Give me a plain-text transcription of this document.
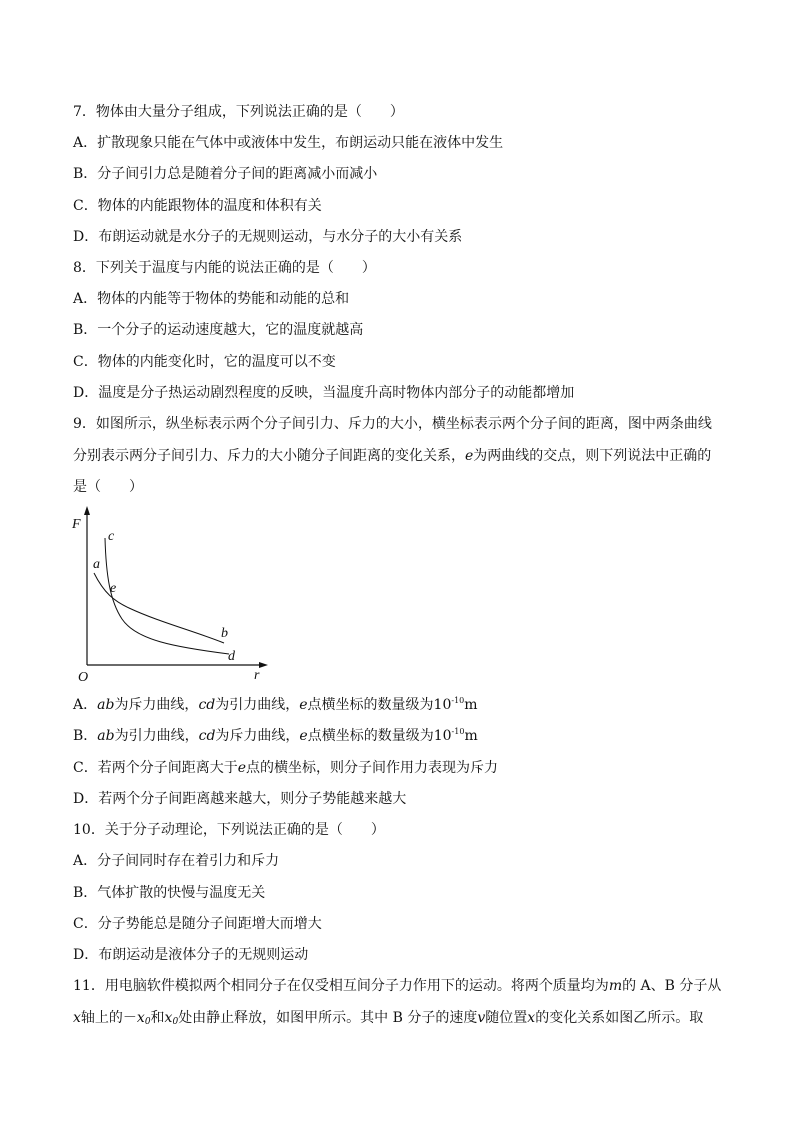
7．物体由大量分子组成，下列说法正确的是（　　）
A．扩散现象只能在气体中或液体中发生，布朗运动只能在液体中发生
B．分子间引力总是随着分子间的距离减小而减小
C．物体的内能跟物体的温度和体积有关
D．布朗运动就是水分子的无规则运动，与水分子的大小有关系
8．下列关于温度与内能的说法正确的是（　　）
A．物体的内能等于物体的势能和动能的总和
B．一个分子的运动速度越大，它的温度就越高
C．物体的内能变化时，它的温度可以不变
D．温度是分子热运动剧烈程度的反映，当温度升高时物体内部分子的动能都增加
9．如图所示，纵坐标表示两个分子间引力、斥力的大小，横坐标表示两个分子间的距离，图中两条曲线
分别表示两分子间引力、斥力的大小随分子间距离的变化关系，e为两曲线的交点，则下列说法中正确的
是（　　）
F
r
O
a
b
c
d
e
A．ab为斥力曲线，cd为引力曲线，e点横坐标的数量级为$10^{-10}m$
B．ab为引力曲线，cd为斥力曲线，e点横坐标的数量级为$10^{-10}m$
C．若两个分子间距离大于e点的横坐标，则分子间作用力表现为斥力
D．若两个分子间距离越来越大，则分子势能越来越大
10．关于分子动理论，下列说法正确的是（　　）
A．分子间同时存在着引力和斥力
B．气体扩散的快慢与温度无关
C．分子势能总是随分子间距增大而增大
D．布朗运动是液体分子的无规则运动
11．用电脑软件模拟两个相同分子在仅受相互间分子力作用下的运动。将两个质量均为m的 A、B 分子从
x轴上的$-x_0$和$x_0$处由静止释放，如图甲所示。其中 B 分子的速度v随位置x的变化关系如图乙所示。取
